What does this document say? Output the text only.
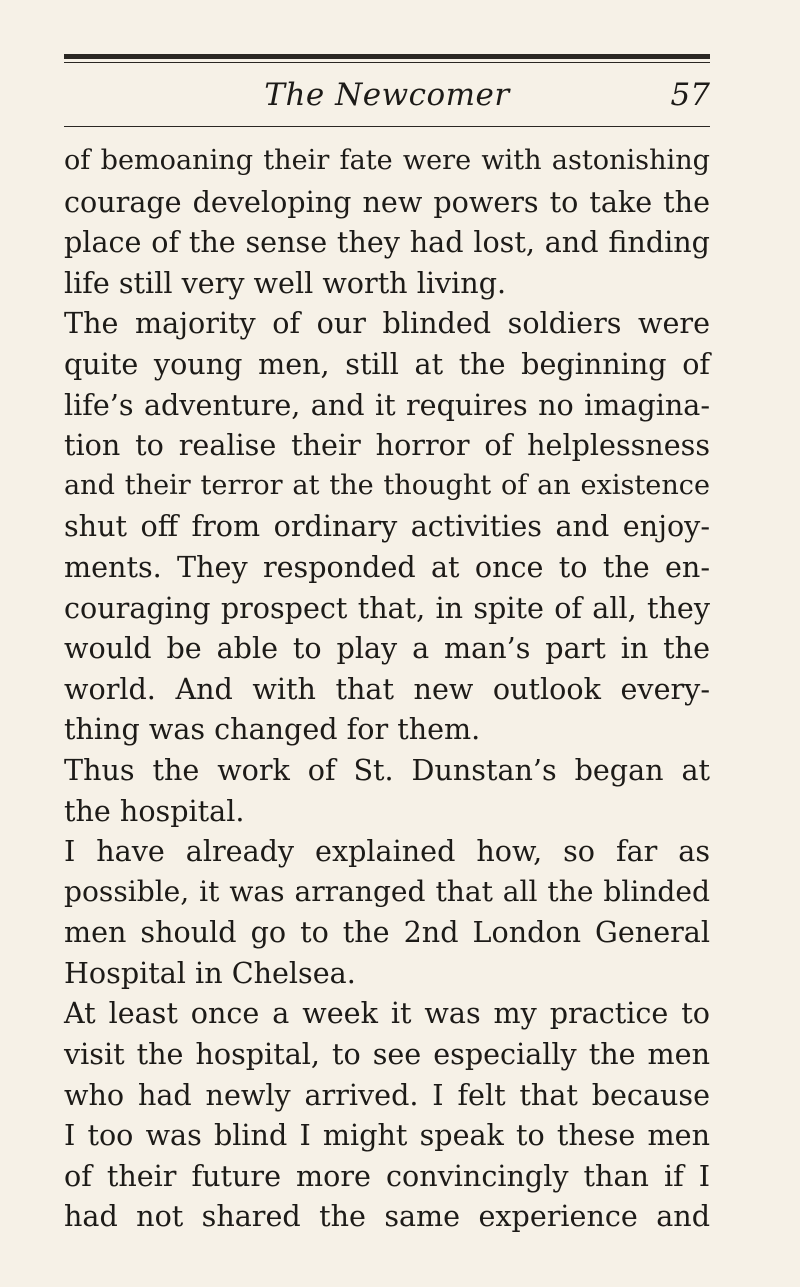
The Newcomer	57
of bemoaning their fate were with astonishing
courage developing new powers to take the
place of the sense they had lost, and finding
life still very well worth living.
The majority of our blinded soldiers were
quite young men, still at the beginning of
life’s adventure, and it requires no imagina-
tion to realise their horror of helplessness
and their terror at the thought of an existence
shut off from ordinary activities and enjoy-
ments. They responded at once to the en-
couraging prospect that, in spite of all, they
would be able to play a man’s part in the
world. And with that new outlook every-
thing was changed for them.
Thus the work of St. Dunstan’s began at
the hospital.
I have already explained how, so far as
possible, it was arranged that all the blinded
men should go to the 2nd London General
Hospital in Chelsea.
At least once a week it was my practice to
visit the hospital, to see especially the men
who had newly arrived. I felt that because
I too was blind I might speak to these men
of their future more convincingly than if I
had not shared the same experience and
